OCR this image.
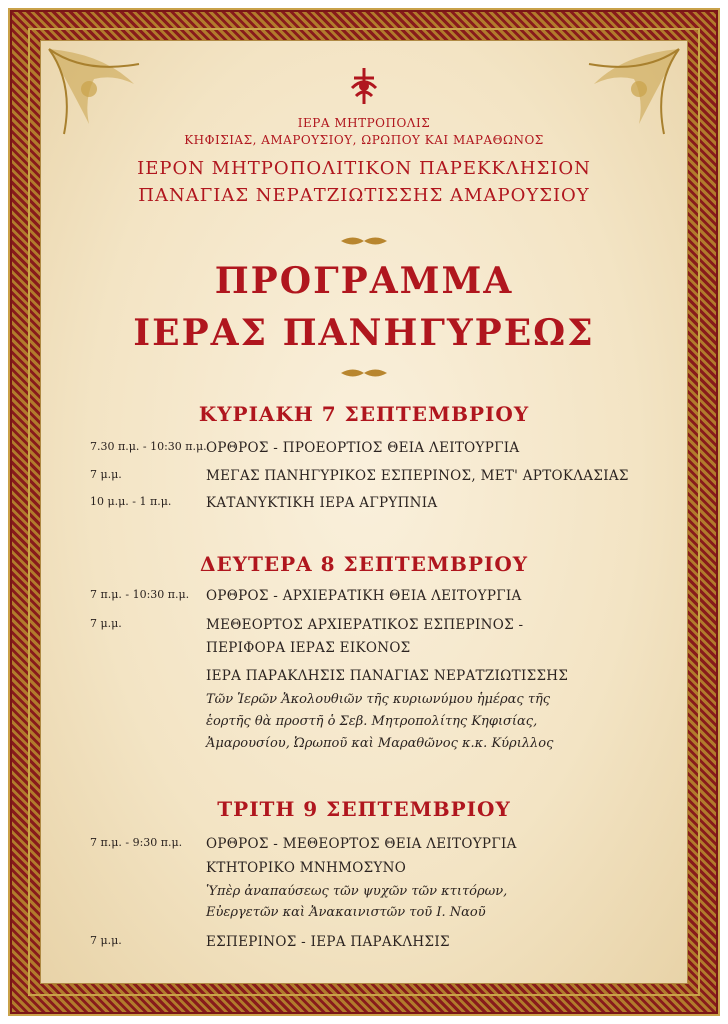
ΙΕΡΑ ΜΗΤΡΟΠΟΛΙΣ
ΚΗΦΙΣΙΑΣ, ΑΜΑΡΟΥΣΙΟΥ, ΩΡΩΠΟΥ ΚΑΙ ΜΑΡΑΘΩΝΟΣ
ΙΕΡΟΝ ΜΗΤΡΟΠΟΛΙΤΙΚΟΝ ΠΑΡΕΚΚΛΗΣΙΟΝ
ΠΑΝΑΓΙΑΣ ΝΕΡΑΤΖΙΩΤΙΣΣΗΣ ΑΜΑΡΟΥΣΙΟΥ
ΠΡΟΓΡΑΜΜΑ
ΙΕΡΑΣ ΠΑΝΗΓΥΡΕΩΣ
ΚΥΡΙΑΚΗ 7 ΣΕΠΤΕΜΒΡΙΟΥ
7.30 π.μ. - 10:30 π.μ. ΟΡΘΡΟΣ - ΠΡΟΕΟΡΤΙΟΣ ΘΕΙΑ ΛΕΙΤΟΥΡΓΙΑ
7 μ.μ.	ΜΕΓΑΣ ΠΑΝΗΓΥΡΙΚΟΣ ΕΣΠΕΡΙΝΟΣ, ΜΕΤ' ΑΡΤΟΚΛΑΣΙΑΣ
10 μ.μ. - 1 π.μ.	ΚΑΤΑΝΥΚΤΙΚΗ ΙΕΡΑ ΑΓΡΥΠΝΙΑ
ΔΕΥΤΕΡΑ 8 ΣΕΠΤΕΜΒΡΙΟΥ
7 π.μ. - 10:30 π.μ. ΟΡΘΡΟΣ - ΑΡΧΙΕΡΑΤΙΚΗ ΘΕΙΑ ΛΕΙΤΟΥΡΓΙΑ
7 μ.μ.	ΜΕΘΕΟΡΤΟΣ ΑΡΧΙΕΡΑΤΙΚΟΣ ΕΣΠΕΡΙΝΟΣ -
ΠΕΡΙΦΟΡΑ ΙΕΡΑΣ ΕΙΚΟΝΟΣ
ΙΕΡΑ ΠΑΡΑΚΛΗΣΙΣ ΠΑΝΑΓΙΑΣ ΝΕΡΑΤΖΙΩΤΙΣΣΗΣ
Τῶν Ἱερῶν Ἀκολουθιῶν τῆς κυριωνύμου ἡμέρας τῆς
ἑορτῆς θὰ προστῆ ὁ Σεβ. Μητροπολίτης Κηφισίας,
Ἀμαρουσίου, Ὠρωποῦ καὶ Μαραθῶνος κ.κ. Κύριλλος
ΤΡΙΤΗ 9 ΣΕΠΤΕΜΒΡΙΟΥ
7 π.μ. - 9:30 π.μ. ΟΡΘΡΟΣ - ΜΕΘΕΟΡΤΟΣ ΘΕΙΑ ΛΕΙΤΟΥΡΓΙΑ
ΚΤΗΤΟΡΙΚΟ ΜΝΗΜΟΣΥΝΟ
Ὑπὲρ ἀναπαύσεως τῶν ψυχῶν τῶν κτιτόρων,
Εὐεργετῶν καὶ Ἀνακαινιστῶν τοῦ Ι. Ναοῦ
7 μ.μ.	ΕΣΠΕΡΙΝΟΣ - ΙΕΡΑ ΠΑΡΑΚΛΗΣΙΣ
